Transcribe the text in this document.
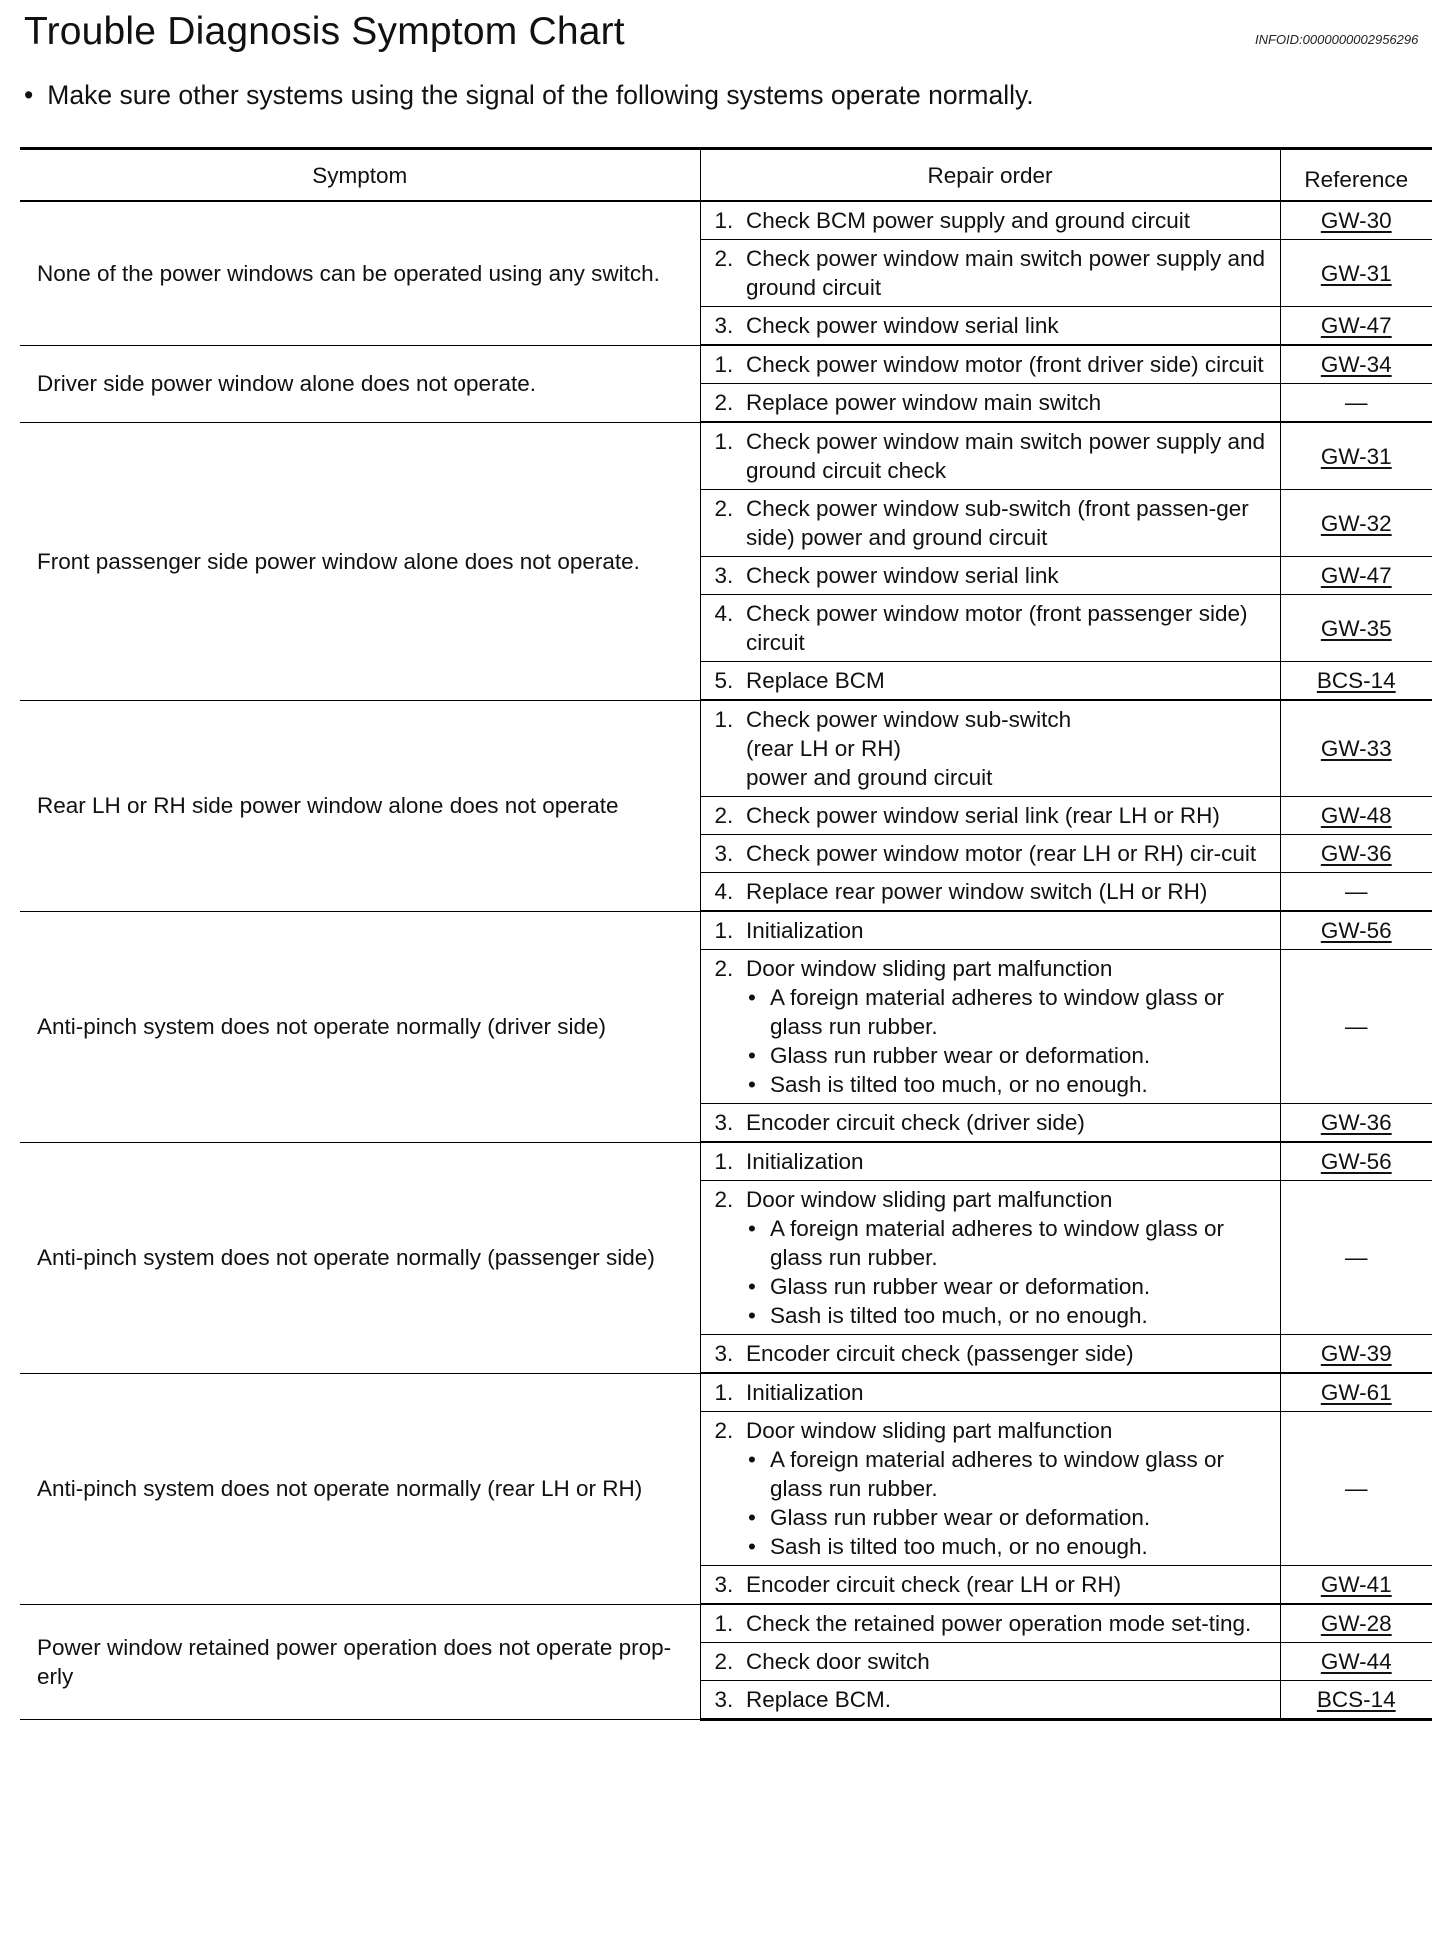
Trouble Diagnosis Symptom Chart	INFOID:0000000002956296
• Make sure other systems using the signal of the following systems operate normally.
Symptom	Repair order		Reference
None of the power windows can be operated using any switch.	1.	Check BCM power supply and ground circuit	GW-30
	2.	Check power window main switch power supply and ground circuit	GW-31
	3.	Check power window serial link	GW-47
Driver side power window alone does not operate.	1.	Check power window motor (front driver side) circuit	GW-34
	2.	Replace power window main switch	—
Front passenger side power window alone does not operate.	1.	Check power window main switch power supply and ground circuit check	GW-31
	2.	Check power window sub-switch (front passen-ger side) power and ground circuit	GW-32
	3.	Check power window serial link	GW-47
	4.	Check power window motor (front passenger side) circuit	GW-35
	5.	Replace BCM	BCS-14
Rear LH or RH side power window alone does not operate	1.	Check power window sub-switch
(rear LH or RH)
power and ground circuit	GW-33
	2.	Check power window serial link (rear LH or RH)	GW-48
	3.	Check power window motor (rear LH or RH) cir-cuit	GW-36
	4.	Replace rear power window switch (LH or RH)	—
Anti-pinch system does not operate normally (driver side)	1.	Initialization	GW-56
	2.	Door window sliding part malfunction
• A foreign material adheres to window glass or glass run rubber.
• Glass run rubber wear or deformation.
• Sash is tilted too much, or no enough.	—
	3.	Encoder circuit check (driver side)	GW-36
Anti-pinch system does not operate normally (passenger side)	1.	Initialization	GW-56
	2.	Door window sliding part malfunction
• A foreign material adheres to window glass or glass run rubber.
• Glass run rubber wear or deformation.
• Sash is tilted too much, or no enough.	—
	3.	Encoder circuit check (passenger side)	GW-39
Anti-pinch system does not operate normally (rear LH or RH)	1.	Initialization	GW-61
	2.	Door window sliding part malfunction
• A foreign material adheres to window glass or glass run rubber.
• Glass run rubber wear or deformation.
• Sash is tilted too much, or no enough.	—
	3.	Encoder circuit check (rear LH or RH)	GW-41
Power window retained power operation does not operate prop-erly	1.	Check the retained power operation mode set-ting.	GW-28
	2.	Check door switch	GW-44
	3.	Replace BCM.	BCS-14
